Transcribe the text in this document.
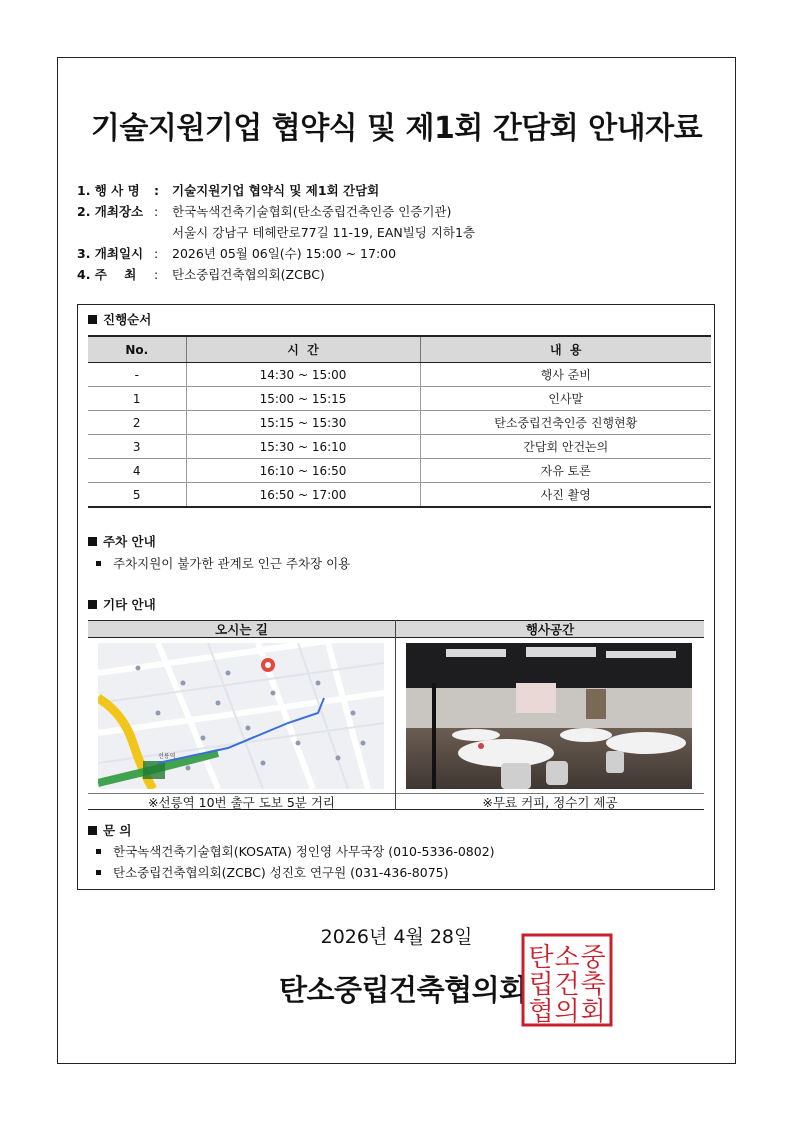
기술지원기업 협약식 및 제1회 간담회 안내자료
1. 행 사 명	:	기술지원기업 협약식 및 제1회 간담회
2. 개최장소 :	한국녹색건축기술협회(탄소중립건축인증 인증기관)
서울시 강남구 테헤란로77길 11-19, EAN빌딩 지하1층
3. 개최일시 :	2026년 05월 06일(수) 15:00 ~ 17:00
4. 주    최	:	탄소중립건축협의회(ZCBC)
진행순서
No.	시  간	내  용
-	14:30 ~ 15:00	행사 준비
1	15:00 ~ 15:15	인사말
2	15:15 ~ 15:30	탄소중립건축인증 진행현황
3	15:30 ~ 16:10	간담회 안건논의
4	16:10 ~ 16:50	자유 토론
5	16:50 ~ 17:00	사진 촬영
주차 안내
주차지원이 불가한 관계로 인근 주차장 이용
기타 안내
오시는 길	행사공간
선릉역
※선릉역 10번 출구 도보 5분 거리	※무료 커피, 정수기 제공
문 의
한국녹색건축기술협회(KOSATA) 정인영 사무국장 (010-5336-0802)
탄소중립건축협의회(ZCBC) 성진호 연구원 (031-436-8075)
2026년 4월 28일
탄소중립건축협의회
탄 소 중
립 건 축
협 의 회
